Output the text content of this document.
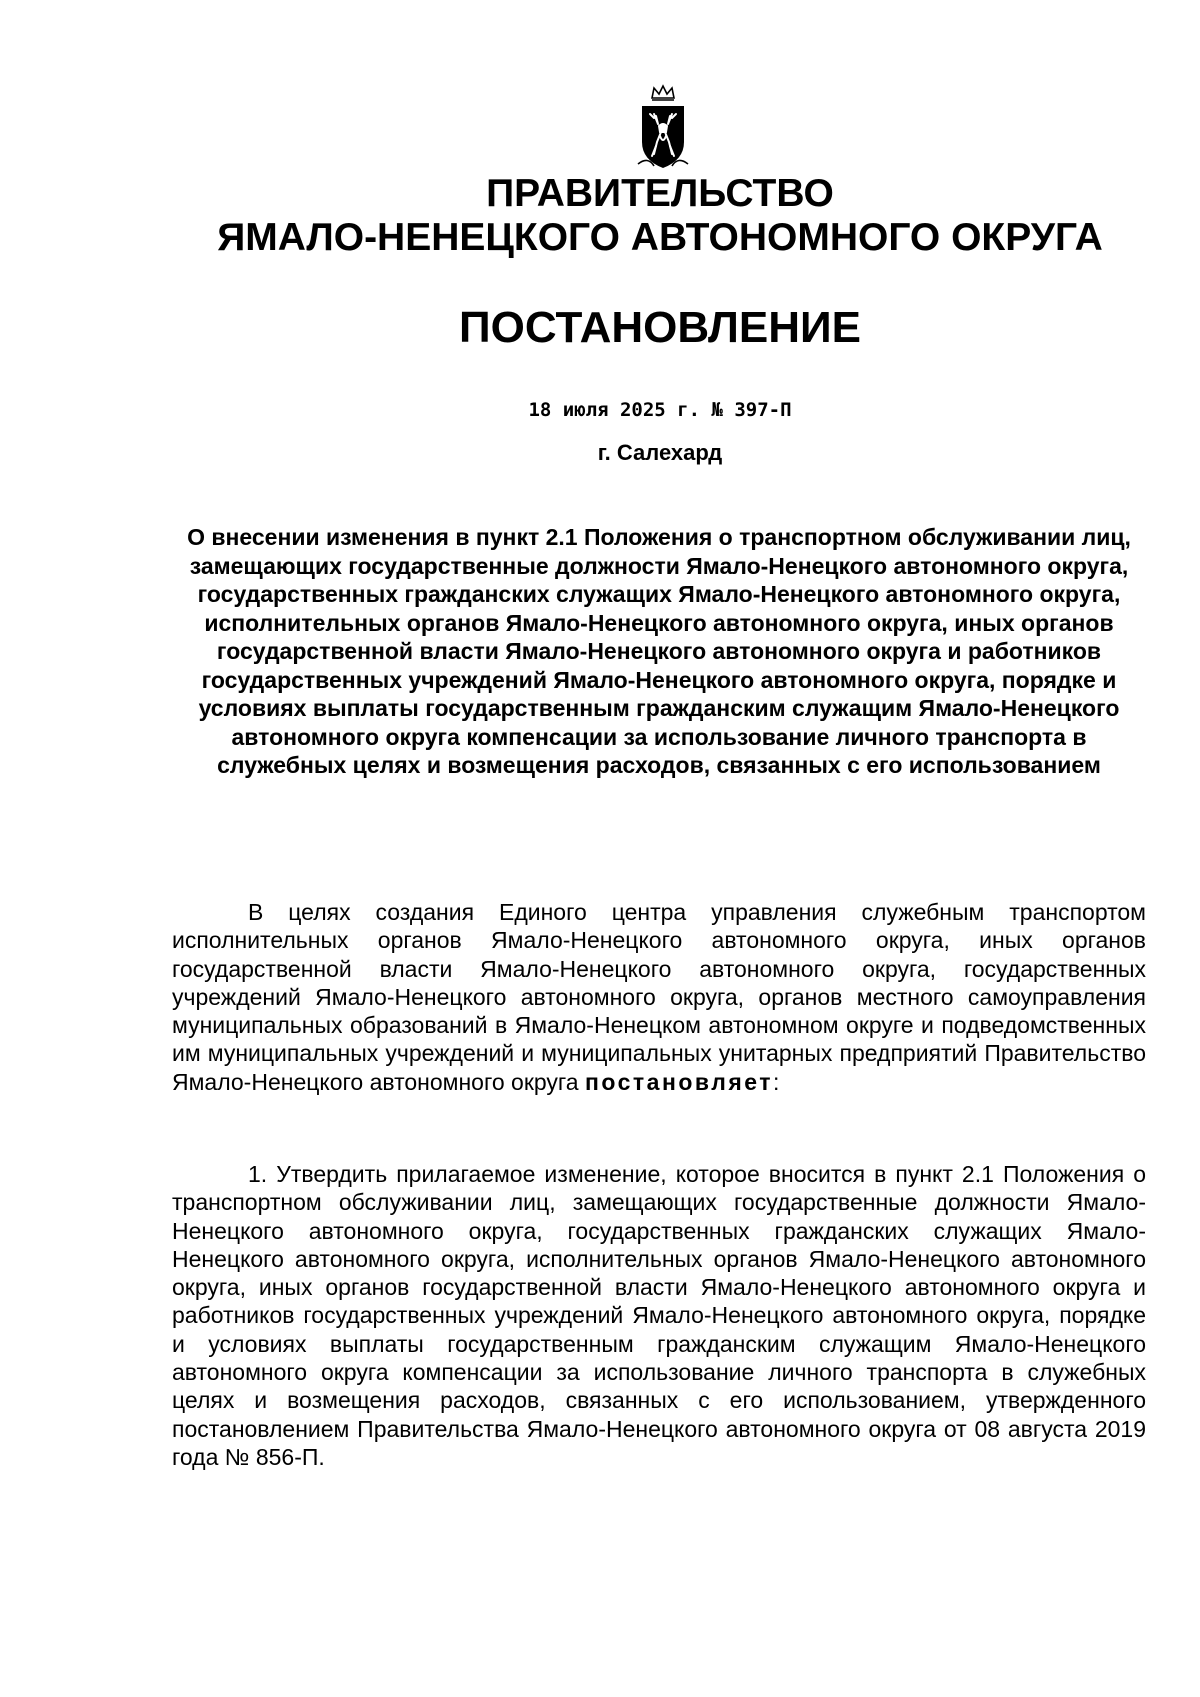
ПРАВИТЕЛЬСТВО
ЯМАЛО-НЕНЕЦКОГО АВТОНОМНОГО ОКРУГА
ПОСТАНОВЛЕНИЕ
18 июля 2025 г. № 397-П
г. Салехард

О внесении изменения в пункт 2.1 Положения о транспортном обслуживании лиц, замещающих государственные должности Ямало-Ненецкого автономного округа, государственных гражданских служащих Ямало-Ненецкого автономного округа, исполнительных органов Ямало-Ненецкого автономного округа, иных органов государственной власти Ямало-Ненецкого автономного округа и работников государственных учреждений Ямало-Ненецкого автономного округа, порядке и условиях выплаты государственным гражданским служащим Ямало-Ненецкого автономного округа компенсации за использование личного транспорта в служебных целях и возмещения расходов, связанных с его использованием

В целях создания Единого центра управления служебным транспортом исполнительных органов Ямало-Ненецкого автономного округа, иных органов государственной власти Ямало-Ненецкого автономного округа, государственных учреждений Ямало-Ненецкого автономного округа, органов местного самоуправления муниципальных образований в Ямало-Ненецком автономном округе и подведомственных им муниципальных учреждений и муниципальных унитарных предприятий Правительство Ямало-Ненецкого автономного округа постановляет:

1. Утвердить прилагаемое изменение, которое вносится в пункт 2.1 Положения о транспортном обслуживании лиц, замещающих государственные должности Ямало-Ненецкого автономного округа, государственных гражданских служащих Ямало-Ненецкого автономного округа, исполнительных органов Ямало-Ненецкого автономного округа, иных органов государственной власти Ямало-Ненецкого автономного округа и работников государственных учреждений Ямало-Ненецкого автономного округа, порядке и условиях выплаты государственным гражданским служащим Ямало-Ненецкого автономного округа компенсации за использование личного транспорта в служебных целях и возмещения расходов, связанных с его использованием, утвержденного постановлением Правительства Ямало-Ненецкого автономного округа от 08 августа 2019 года № 856-П.
